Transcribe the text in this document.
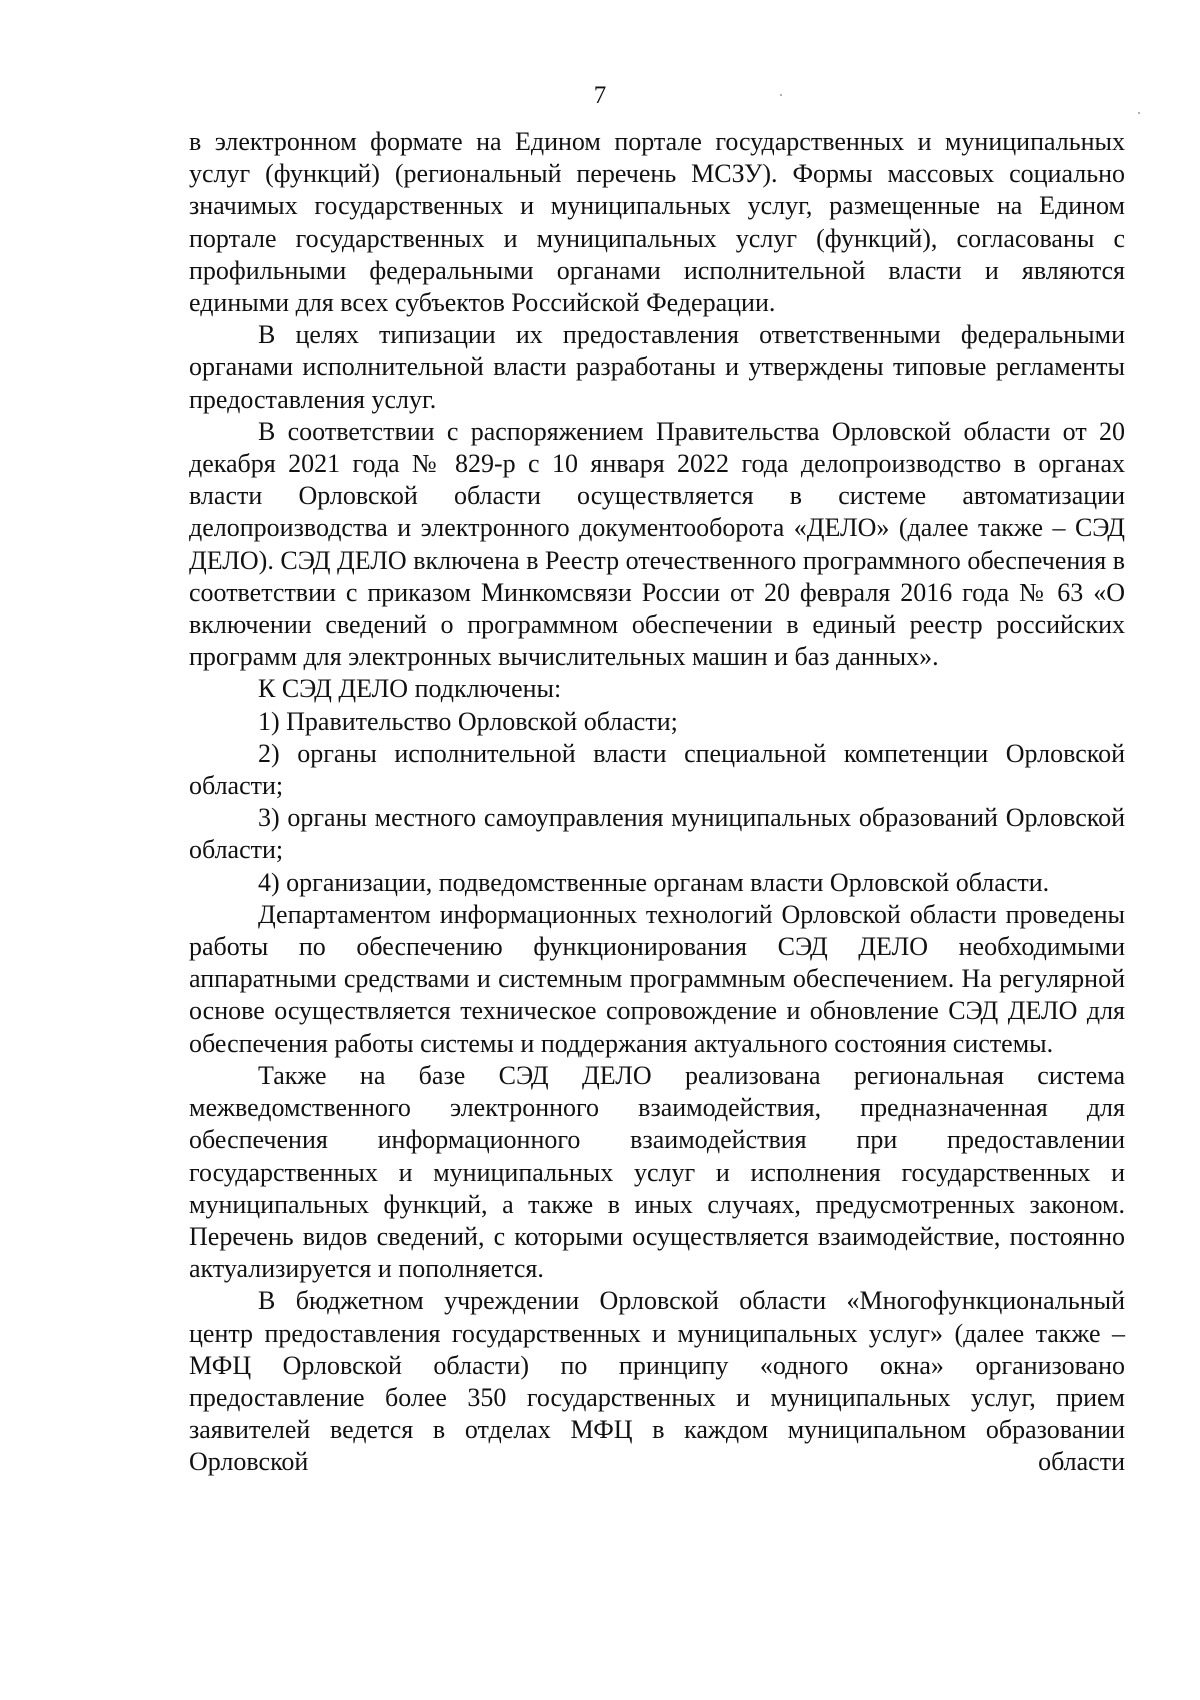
7

в электронном формате на Едином портале государственных и муниципальных услуг (функций) (региональный перечень МСЗУ). Формы массовых социально значимых государственных и муниципальных услуг, размещенные на Едином портале государственных и муниципальных услуг (функций), согласованы с профильными федеральными органами исполнительной власти и являются едиными для всех субъектов Российской Федерации.

В целях типизации их предоставления ответственными федеральными органами исполнительной власти разработаны и утверждены типовые регламенты предоставления услуг.

В соответствии с распоряжением Правительства Орловской области от 20 декабря 2021 года № 829-р с 10 января 2022 года делопроизводство в органах власти Орловской области осуществляется в системе автоматизации делопроизводства и электронного документооборота «ДЕЛО» (далее также – СЭД ДЕЛО). СЭД ДЕЛО включена в Реестр отечественного программного обеспечения в соответствии с приказом Минкомсвязи России от 20 февраля 2016 года № 63 «О включении сведений о программном обеспечении в единый реестр российских программ для электронных вычислительных машин и баз данных».

К СЭД ДЕЛО подключены:

1) Правительство Орловской области;

2) органы исполнительной власти специальной компетенции Орловской области;

3) органы местного самоуправления муниципальных образований Орловской области;

4) организации, подведомственные органам власти Орловской области.

Департаментом информационных технологий Орловской области проведены работы по обеспечению функционирования СЭД ДЕЛО необходимыми аппаратными средствами и системным программным обеспечением. На регулярной основе осуществляется техническое сопровождение и обновление СЭД ДЕЛО для обеспечения работы системы и поддержания актуального состояния системы.

Также на базе СЭД ДЕЛО реализована региональная система межведомственного электронного взаимодействия, предназначенная для обеспечения информационного взаимодействия при предоставлении государственных и муниципальных услуг и исполнения государственных и муниципальных функций, а также в иных случаях, предусмотренных законом. Перечень видов сведений, с которыми осуществляется взаимодействие, постоянно актуализируется и пополняется.

В бюджетном учреждении Орловской области «Многофункциональный центр предоставления государственных и муниципальных услуг» (далее также – МФЦ Орловской области) по принципу «одного окна» организовано предоставление более 350 государственных и муниципальных услуг, прием заявителей ведется в отделах МФЦ в каждом муниципальном образовании Орловской области
